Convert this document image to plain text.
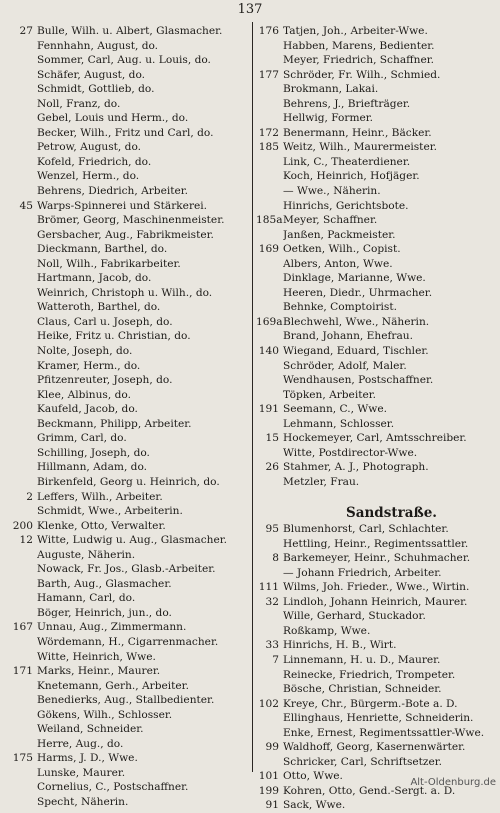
137
27 Bulle, Wilh. u. Albert, Glasmacher.
Fennhahn, August, do.
Sommer, Carl, Aug. u. Louis, do.
Schäfer, August, do.
Schmidt, Gottlieb, do.
Noll, Franz, do.
Gebel, Louis und Herm., do.
Becker, Wilh., Fritz und Carl, do.
Petrow, August, do.
Kofeld, Friedrich, do.
Wenzel, Herm., do.
Behrens, Diedrich, Arbeiter.
45 Warps-Spinnerei und Stärkerei.
Brömer, Georg, Maschinenmeister.
Gersbacher, Aug., Fabrikmeister.
Dieckmann, Barthel, do.
Noll, Wilh., Fabrikarbeiter.
Hartmann, Jacob, do.
Weinrich, Christoph u. Wilh., do.
Watteroth, Barthel, do.
Claus, Carl u. Joseph, do.
Heike, Fritz u. Christian, do.
Nolte, Joseph, do.
Kramer, Herm., do.
Pfitzenreuter, Joseph, do.
Klee, Albinus, do.
Kaufeld, Jacob, do.
Beckmann, Philipp, Arbeiter.
Grimm, Carl, do.
Schilling, Joseph, do.
Hillmann, Adam, do.
Birkenfeld, Georg u. Heinrich, do.
2 Leffers, Wilh., Arbeiter.
Schmidt, Wwe., Arbeiterin.
200 Klenke, Otto, Verwalter.
12 Witte, Ludwig u. Aug., Glasmacher.
Auguste, Näherin.
Nowack, Fr. Jos., Glasb.-Arbeiter.
Barth, Aug., Glasmacher.
Hamann, Carl, do.
Böger, Heinrich, jun., do.
167 Unnau, Aug., Zimmermann.
Wördemann, H., Cigarrenmacher.
Witte, Heinrich, Wwe.
171 Marks, Heinr., Maurer.
Knetemann, Gerh., Arbeiter.
Benedierks, Aug., Stallbedienter.
Gökens, Wilh., Schlosser.
Weiland, Schneider.
Herre, Aug., do.
175 Harms, J. D., Wwe.
Lunske, Maurer.
Cornelius, C., Postschaffner.
Specht, Näherin.
176 Tatjen, Joh., Arbeiter-Wwe.
Habben, Marens, Bedienter.
Meyer, Friedrich, Schaffner.
177 Schröder, Fr. Wilh., Schmied.
Brokmann, Lakai.
Behrens, J., Briefträger.
Hellwig, Former.
172 Benermann, Heinr., Bäcker.
185 Weitz, Wilh., Maurermeister.
Link, C., Theaterdiener.
Koch, Heinrich, Hofjäger.
— Wwe., Näherin.
Hinrichs, Gerichtsbote.
185a Meyer, Schaffner.
Janßen, Packmeister.
169 Oetken, Wilh., Copist.
Albers, Anton, Wwe.
Dinklage, Marianne, Wwe.
Heeren, Diedr., Uhrmacher.
Behnke, Comptoirist.
169a Blechwehl, Wwe., Näherin.
Brand, Johann, Ehefrau.
140 Wiegand, Eduard, Tischler.
Schröder, Adolf, Maler.
Wendhausen, Postschaffner.
Töpken, Arbeiter.
191 Seemann, C., Wwe.
Lehmann, Schlosser.
15 Hockemeyer, Carl, Amtsschreiber.
Witte, Postdirector-Wwe.
26 Stahmer, A. J., Photograph.
Metzler, Frau.
Sandstraße.
95 Blumenhorst, Carl, Schlachter.
Hettling, Heinr., Regimentssattler.
8 Barkemeyer, Heinr., Schuhmacher.
— Johann Friedrich, Arbeiter.
111 Wilms, Joh. Frieder., Wwe., Wirtin.
32 Lindloh, Johann Heinrich, Maurer.
Wille, Gerhard, Stuckador.
Roßkamp, Wwe.
33 Hinrichs, H. B., Wirt.
7 Linnemann, H. u. D., Maurer.
Reinecke, Friedrich, Trompeter.
Bösche, Christian, Schneider.
102 Kreye, Chr., Bürgerm.-Bote a. D.
Ellinghaus, Henriette, Schneiderin.
Enke, Ernest, Regimentssattler-Wwe.
99 Waldhoff, Georg, Kasernenwärter.
Schricker, Carl, Schriftsetzer.
101 Otto, Wwe.
199 Kohren, Otto, Gend.-Sergt. a. D.
91 Sack, Wwe.
Alt-Oldenburg.de
